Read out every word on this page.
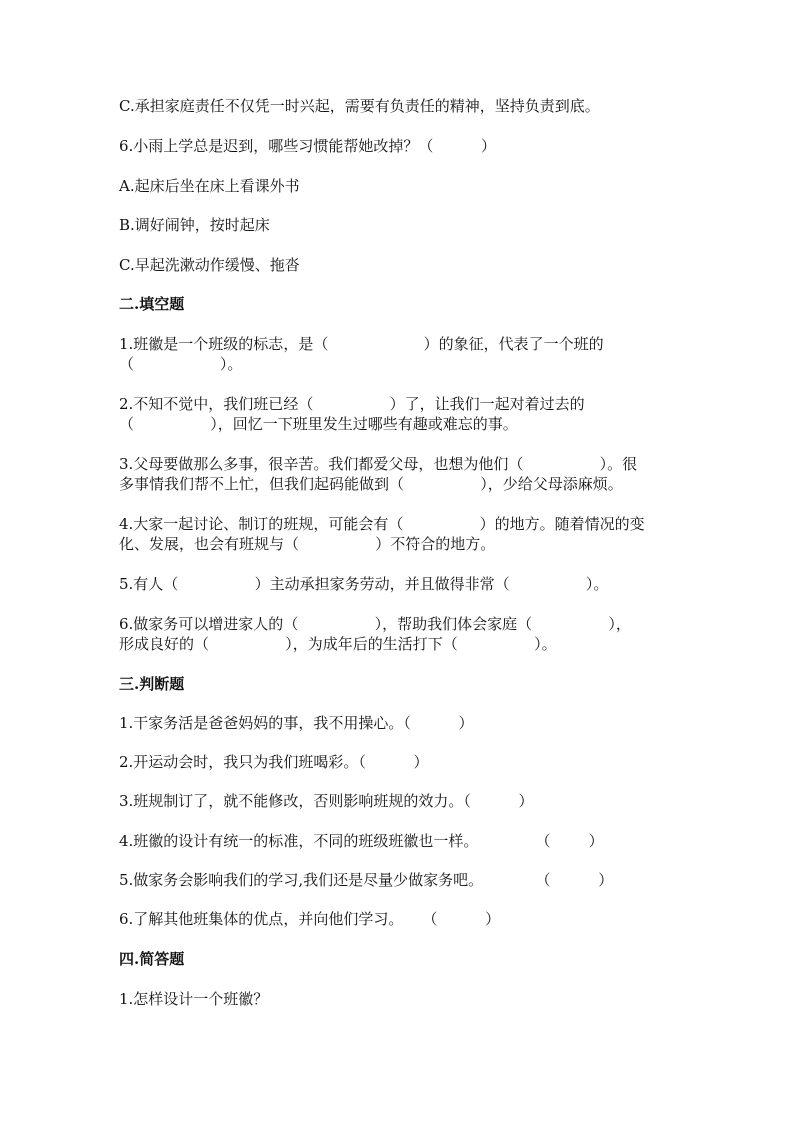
C.承担家庭责任不仅凭一时兴起，需要有负责任的精神，坚持负责到底。
6.小雨上学总是迟到，哪些习惯能帮她改掉？（          ）
A.起床后坐在床上看课外书
B.调好闹钟，按时起床
C.早起洗漱动作缓慢、拖沓
二.填空题
1.班徽是一个班级的标志，是（                    ）的象征，代表了一个班的
（                  ）。
2.不知不觉中，我们班已经（                ）了，让我们一起对着过去的
（                ），回忆一下班里发生过哪些有趣或难忘的事。
3.父母要做那么多事，很辛苦。我们都爱父母，也想为他们（                ）。很
多事情我们帮不上忙，但我们起码能做到（                ），少给父母添麻烦。
4.大家一起讨论、制订的班规，可能会有（                ）的地方。随着情况的变
化、发展，也会有班规与（                ）不符合的地方。
5.有人（                ）主动承担家务劳动，并且做得非常（                ）。
6.做家务可以增进家人的（                ），帮助我们体会家庭（                ），
形成良好的（                ），为成年后的生活打下（                ）。
三.判断题
1.干家务活是爸爸妈妈的事，我不用操心。（          ）
2.开运动会时，我只为我们班喝彩。（          ）
3.班规制订了，就不能修改，否则影响班规的效力。（          ）
4.班徽的设计有统一的标准，不同的班级班徽也一样。            （        ）
5.做家务会影响我们的学习,我们还是尽量少做家务吧。           （          ）
6.了解其他班集体的优点，并向他们学习。    （          ）
四.简答题
1.怎样设计一个班徽？
